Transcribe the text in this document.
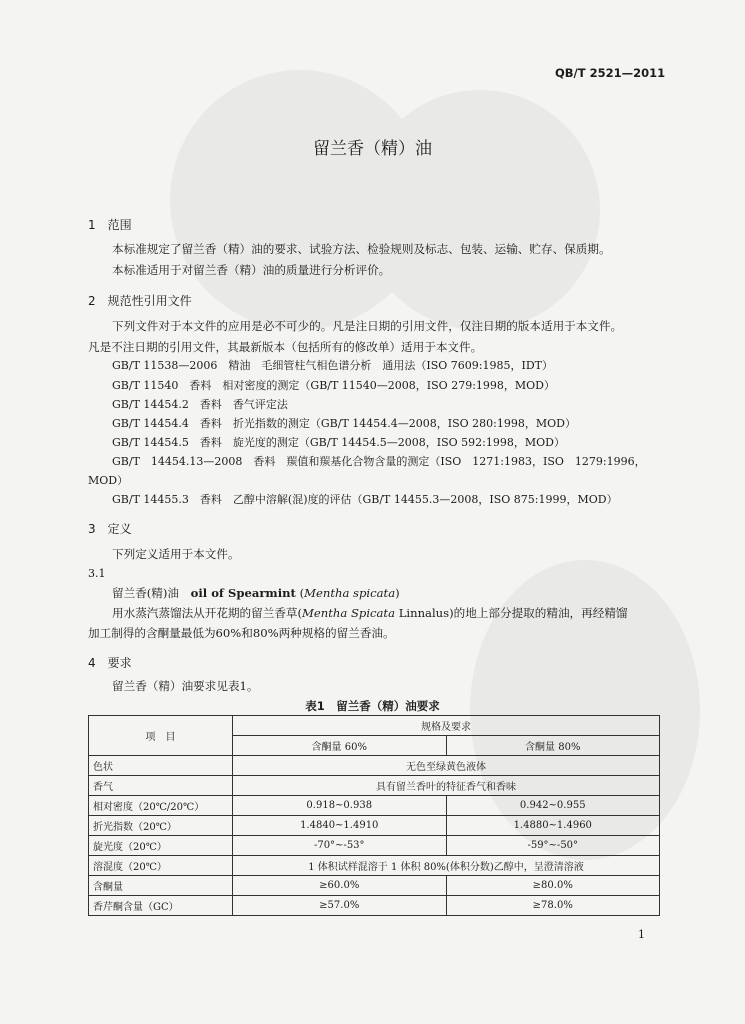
QB/T 2521—2011
留兰香（精）油
1　 范围
本标准规定了留兰香（精）油的要求、试验方法、检验规则及标志、包装、运输、贮存、保质期。
本标准适用于对留兰香（精）油的质量进行分析评价。
2　 规范性引用文件
下列文件对于本文件的应用是必不可少的。凡是注日期的引用文件，仅注日期的版本适用于本文件。
凡是不注日期的引用文件，其最新版本（包括所有的修改单）适用于本文件。
GB/T 11538—2006　精油　毛细管柱气相色谱分析　通用法（ISO 7609:1985，IDT）
GB/T 11540　香料　相对密度的测定（GB/T 11540—2008，ISO 279:1998，MOD）
GB/T 14454.2　香料　香气评定法
GB/T 14454.4　香料　折光指数的测定（GB/T 14454.4—2008，ISO 280:1998，MOD）
GB/T 14454.5　香料　旋光度的测定（GB/T 14454.5—2008，ISO 592:1998，MOD）
GB/T　14454.13—2008　香料　羰值和羰基化合物含量的测定（ISO　1271:1983，ISO　1279:1996，
MOD）
GB/T 14455.3　香料　乙醇中溶解(混)度的评估（GB/T 14455.3—2008，ISO 875:1999，MOD）
3　 定义
下列定义适用于本文件。
3.1
留兰香(精)油　 oil of Spearmint (Mentha spicata)
用水蒸汽蒸馏法从开花期的留兰香草(Mentha Spicata Linnalus)的地上部分提取的精油，再经精馏
加工制得的含酮量最低为60%和80%两种规格的留兰香油。
4　 要求
留兰香（精）油要求见表1。
表1　留兰香（精）油要求
项　目	规格及要求	
	含酮量 60%	含酮量 80%
色状	无色至绿黄色液体	
香气	具有留兰香叶的特征香气和香味	
相对密度（20℃/20℃）	0.918~0.938	0.942~0.955
折光指数（20℃）	1.4840~1.4910	1.4880~1.4960
旋光度（20℃）	-70°~-53°	-59°~-50°
溶混度（20℃）	1 体积试样混溶于 1 体积 80%(体积分数)乙醇中，呈澄清溶液	
含酮量	≥60.0%	≥80.0%
香芹酮含量（GC）	≥57.0%	≥78.0%
1
